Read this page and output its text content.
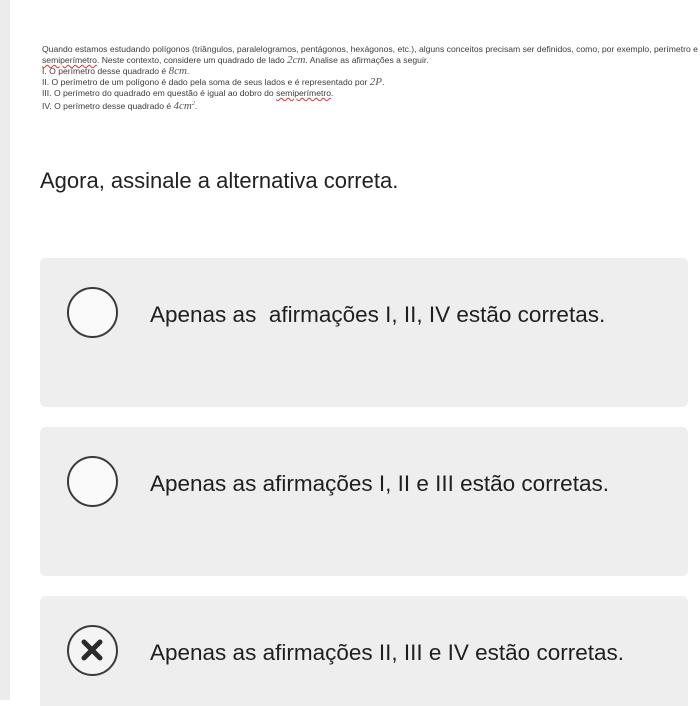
Quando estamos estudando polígonos (triângulos, paralelogramos, pentágonos, hexágonos, etc.), alguns conceitos precisam ser definidos, como, por exemplo, perímetro e
semiperímetro. Neste contexto, considere um quadrado de lado 2cm. Analise as afirmações a seguir.
I. O perímetro desse quadrado é 8cm.
II. O perímetro de um polígono é dado pela soma de seus lados e é representado por 2P.
III. O perímetro do quadrado em questão é igual ao dobro do semiperímetro.
IV. O perímetro desse quadrado é $4cm^2$.
Agora, assinale a alternativa correta.
Apenas as  afirmações I, II, IV estão corretas.
Apenas as afirmações I, II e III estão corretas.
Apenas as afirmações II, III e IV estão corretas.
